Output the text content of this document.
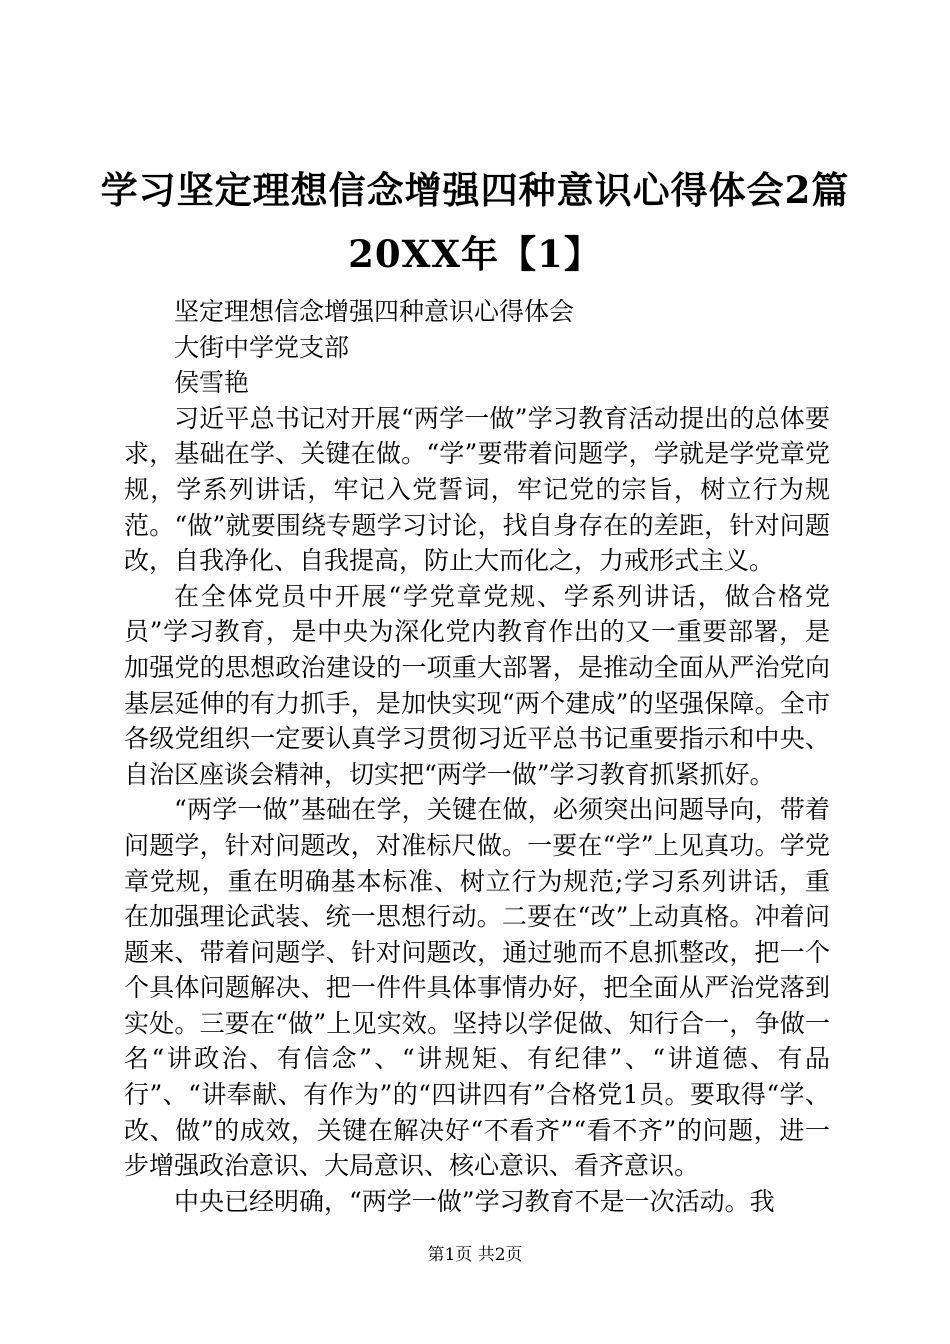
学习坚定理想信念增强四种意识心得体会2篇20XX年【1】

坚定理想信念增强四种意识心得体会

大街中学党支部

侯雪艳

习近平总书记对开展“两学一做”学习教育活动提出的总体要求，基础在学、关键在做。“学”要带着问题学，学就是学党章党规，学系列讲话，牢记入党誓词，牢记党的宗旨，树立行为规范。“做”就要围绕专题学习讨论，找自身存在的差距，针对问题改，自我净化、自我提高，防止大而化之，力戒形式主义。

在全体党员中开展“学党章党规、学系列讲话，做合格党员”学习教育，是中央为深化党内教育作出的又一重要部署，是加强党的思想政治建设的一项重大部署，是推动全面从严治党向基层延伸的有力抓手，是加快实现“两个建成”的坚强保障。全市各级党组织一定要认真学习贯彻习近平总书记重要指示和中央、自治区座谈会精神，切实把“两学一做”学习教育抓紧抓好。

“两学一做”基础在学，关键在做，必须突出问题导向，带着问题学，针对问题改，对准标尺做。一要在“学”上见真功。学党章党规，重在明确基本标准、树立行为规范;学习系列讲话，重在加强理论武装、统一思想行动。二要在“改”上动真格。冲着问题来、带着问题学、针对问题改，通过驰而不息抓整改，把一个个具体问题解决、把一件件具体事情办好，把全面从严治党落到实处。三要在“做”上见实效。坚持以学促做、知行合一，争做一名“讲政治、有信念”、“讲规矩、有纪律”、“讲道德、有品行”、“讲奉献、有作为”的“四讲四有”合格党1员。要取得“学、改、做”的成效，关键在解决好“不看齐”“看不齐”的问题，进一步增强政治意识、大局意识、核心意识、看齐意识。

中央已经明确，“两学一做”学习教育不是一次活动。我

第1页 共2页
